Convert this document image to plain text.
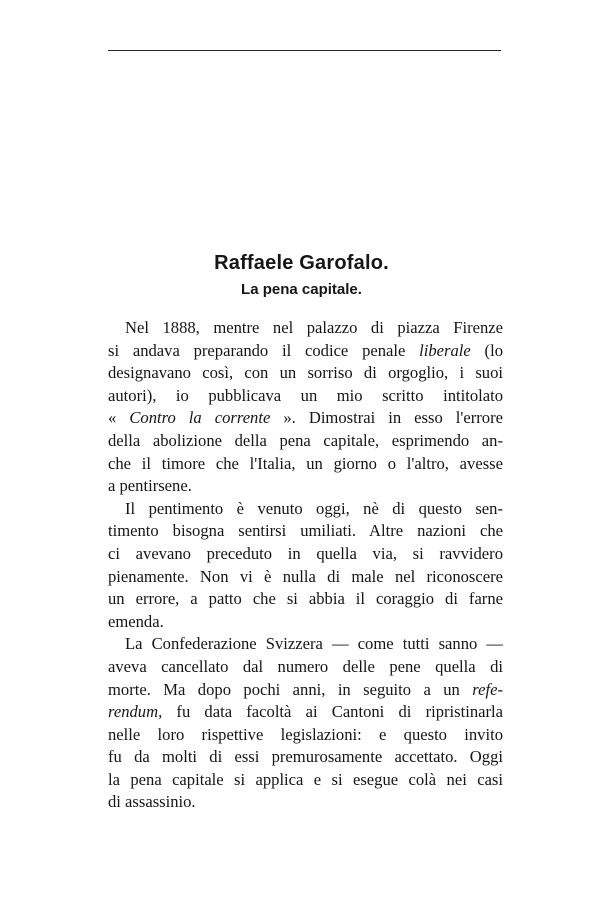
Raffaele Garofalo.
La pena capitale.
Nel 1888, mentre nel palazzo di piazza Firenze
si andava preparando il codice penale liberale (lo
designavano così, con un sorriso di orgoglio, i suoi
autori), io pubblicava un mio scritto intitolato
« Contro la corrente ». Dimostrai in esso l'errore
della abolizione della pena capitale, esprimendo an-
che il timore che l'Italia, un giorno o l'altro, avesse
a pentirsene.
Il pentimento è venuto oggi, nè di questo sen-
timento bisogna sentirsi umiliati. Altre nazioni che
ci avevano preceduto in quella via, si ravvidero
pienamente. Non vi è nulla di male nel riconoscere
un errore, a patto che si abbia il coraggio di farne
emenda.
La Confederazione Svizzera — come tutti sanno —
aveva cancellato dal numero delle pene quella di
morte. Ma dopo pochi anni, in seguito a un refe-
rendum, fu data facoltà ai Cantoni di ripristinarla
nelle loro rispettive legislazioni: e questo invito
fu da molti di essi premurosamente accettato. Oggi
la pena capitale si applica e si esegue colà nei casi
di assassinio.
